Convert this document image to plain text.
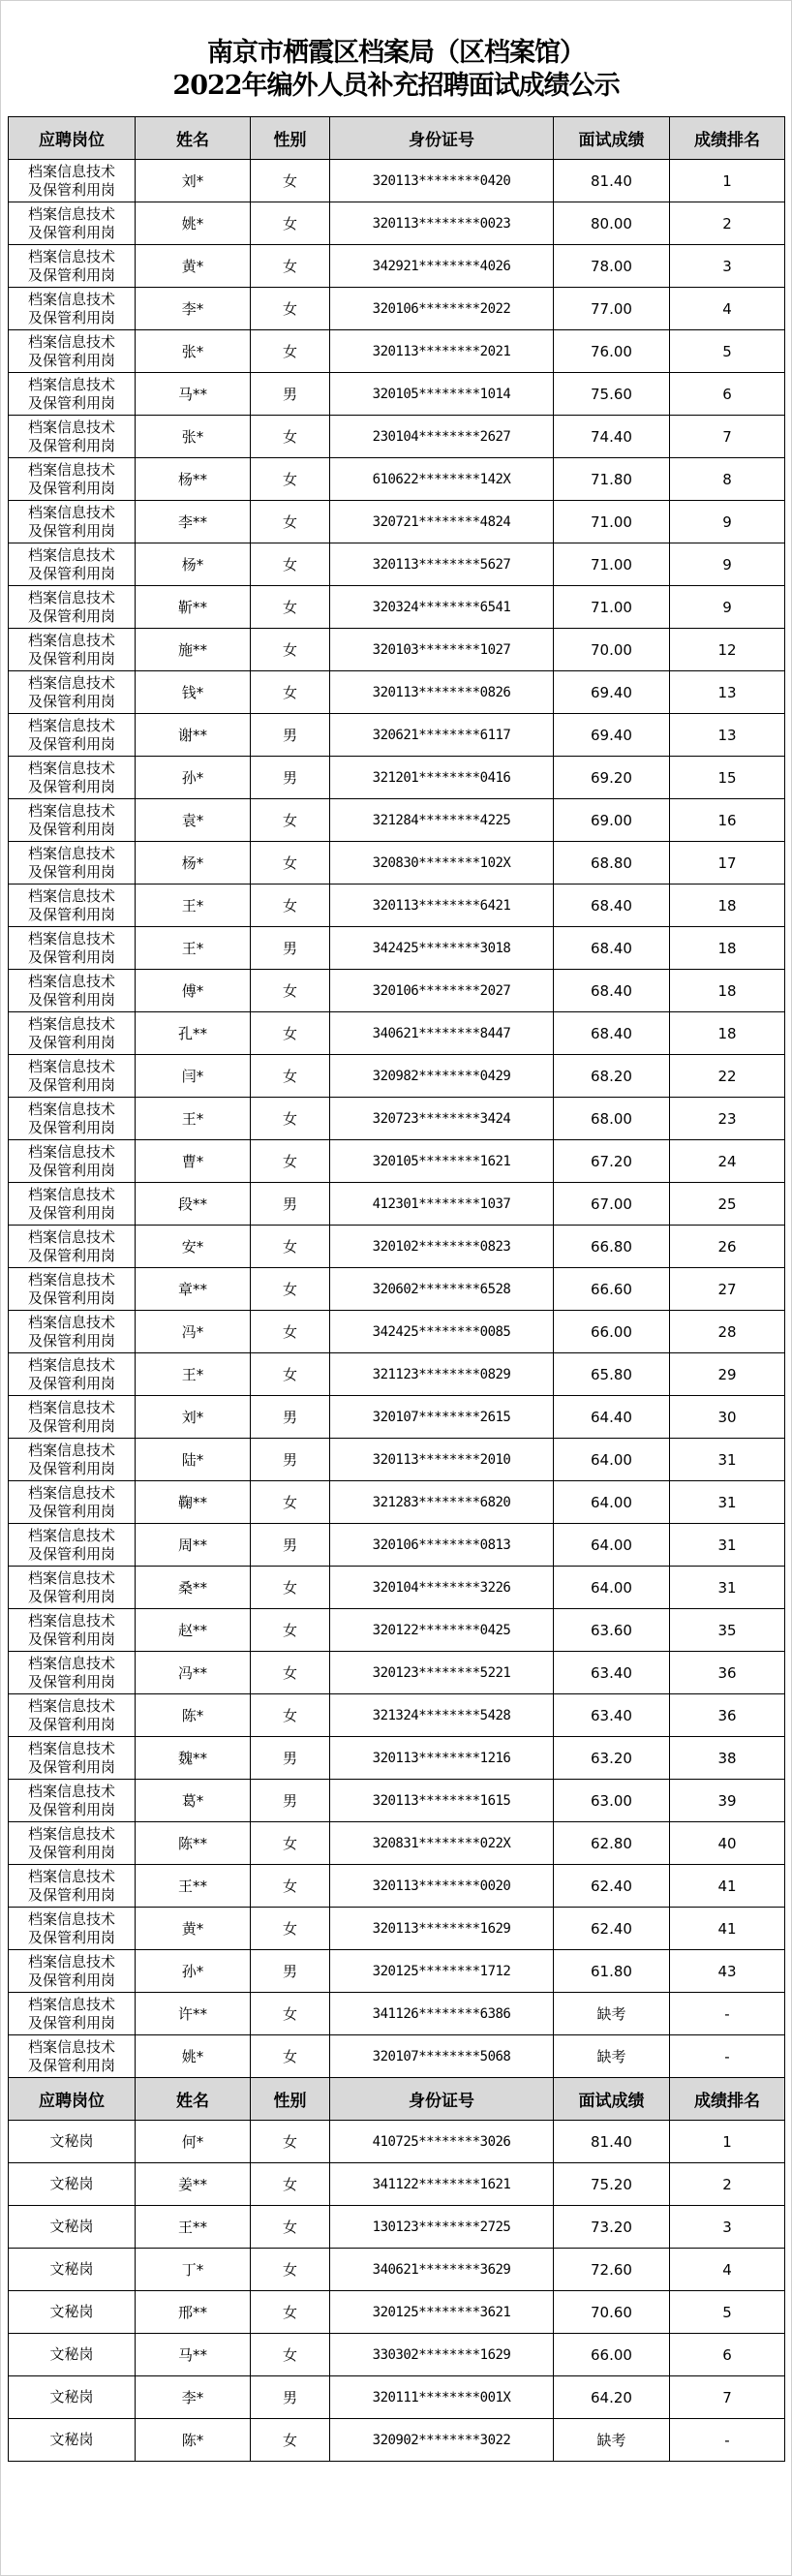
南京市栖霞区档案局（区档案馆）
2022年编外人员补充招聘面试成绩公示
应聘岗位	姓名	性别	身份证号	面试成绩	成绩排名

档案信息技术
及保管利用岗	刘*	女	320113********0420	81.40	1

档案信息技术
及保管利用岗	姚*	女	320113********0023	80.00	2

档案信息技术
及保管利用岗	黄*	女	342921********4026	78.00	3

档案信息技术
及保管利用岗	李*	女	320106********2022	77.00	4

档案信息技术
及保管利用岗	张*	女	320113********2021	76.00	5

档案信息技术
及保管利用岗	马**	男	320105********1014	75.60	6

档案信息技术
及保管利用岗	张*	女	230104********2627	74.40	7

档案信息技术
及保管利用岗	杨**	女	610622********142X	71.80	8

档案信息技术
及保管利用岗	李**	女	320721********4824	71.00	9

档案信息技术
及保管利用岗	杨*	女	320113********5627	71.00	9

档案信息技术
及保管利用岗	靳**	女	320324********6541	71.00	9

档案信息技术
及保管利用岗	施**	女	320103********1027	70.00	12

档案信息技术
及保管利用岗	钱*	女	320113********0826	69.40	13

档案信息技术
及保管利用岗	谢**	男	320621********6117	69.40	13

档案信息技术
及保管利用岗	孙*	男	321201********0416	69.20	15

档案信息技术
及保管利用岗	袁*	女	321284********4225	69.00	16

档案信息技术
及保管利用岗	杨*	女	320830********102X	68.80	17

档案信息技术
及保管利用岗	王*	女	320113********6421	68.40	18

档案信息技术
及保管利用岗	王*	男	342425********3018	68.40	18

档案信息技术
及保管利用岗	傅*	女	320106********2027	68.40	18

档案信息技术
及保管利用岗	孔**	女	340621********8447	68.40	18

档案信息技术
及保管利用岗	闫*	女	320982********0429	68.20	22

档案信息技术
及保管利用岗	王*	女	320723********3424	68.00	23

档案信息技术
及保管利用岗	曹*	女	320105********1621	67.20	24

档案信息技术
及保管利用岗	段**	男	412301********1037	67.00	25

档案信息技术
及保管利用岗	安*	女	320102********0823	66.80	26

档案信息技术
及保管利用岗	章**	女	320602********6528	66.60	27

档案信息技术
及保管利用岗	冯*	女	342425********0085	66.00	28

档案信息技术
及保管利用岗	王*	女	321123********0829	65.80	29

档案信息技术
及保管利用岗	刘*	男	320107********2615	64.40	30

档案信息技术
及保管利用岗	陆*	男	320113********2010	64.00	31

档案信息技术
及保管利用岗	鞠**	女	321283********6820	64.00	31

档案信息技术
及保管利用岗	周**	男	320106********0813	64.00	31

档案信息技术
及保管利用岗	桑**	女	320104********3226	64.00	31

档案信息技术
及保管利用岗	赵**	女	320122********0425	63.60	35

档案信息技术
及保管利用岗	冯**	女	320123********5221	63.40	36

档案信息技术
及保管利用岗	陈*	女	321324********5428	63.40	36

档案信息技术
及保管利用岗	魏**	男	320113********1216	63.20	38

档案信息技术
及保管利用岗	葛*	男	320113********1615	63.00	39

档案信息技术
及保管利用岗	陈**	女	320831********022X	62.80	40

档案信息技术
及保管利用岗	王**	女	320113********0020	62.40	41

档案信息技术
及保管利用岗	黄*	女	320113********1629	62.40	41

档案信息技术
及保管利用岗	孙*	男	320125********1712	61.80	43

档案信息技术
及保管利用岗	许**	女	341126********6386	缺考	-

档案信息技术
及保管利用岗	姚*	女	320107********5068	缺考	-
应聘岗位	姓名	性别	身份证号	面试成绩	成绩排名

文秘岗	何*	女	410725********3026	81.40	1

文秘岗	姜**	女	341122********1621	75.20	2

文秘岗	王**	女	130123********2725	73.20	3

文秘岗	丁*	女	340621********3629	72.60	4

文秘岗	邢**	女	320125********3621	70.60	5

文秘岗	马**	女	330302********1629	66.00	6

文秘岗	李*	男	320111********001X	64.20	7

文秘岗	陈*	女	320902********3022	缺考	-
